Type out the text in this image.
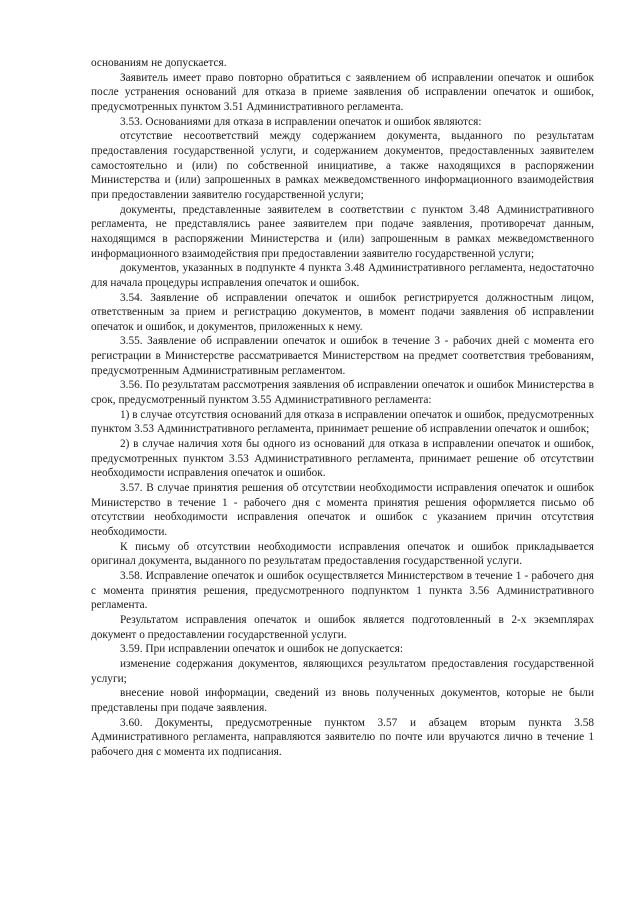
основаниям не допускается.

Заявитель имеет право повторно обратиться с заявлением об исправлении опечаток и ошибок после устранения оснований для отказа в приеме заявления об исправлении опечаток и ошибок, предусмотренных пунктом 3.51 Административного регламента.

3.53. Основаниями для отказа в исправлении опечаток и ошибок являются:

отсутствие несоответствий между содержанием документа, выданного по результатам предоставления государственной услуги, и содержанием документов, предоставленных заявителем самостоятельно и (или) по собственной инициативе, а также находящихся в распоряжении Министерства и (или) запрошенных в рамках межведомственного информационного взаимодействия при предоставлении заявителю государственной услуги;

документы, представленные заявителем в соответствии с пунктом 3.48 Административного регламента, не представлялись ранее заявителем при подаче заявления, противоречат данным, находящимся в распоряжении Министерства и (или) запрошенным в рамках межведомственного информационного взаимодействия при предоставлении заявителю государственной услуги;

документов, указанных в подпункте 4 пункта 3.48 Административного регламента, недостаточно для начала процедуры исправления опечаток и ошибок.

3.54. Заявление об исправлении опечаток и ошибок регистрируется должностным лицом, ответственным за прием и регистрацию документов, в момент подачи заявления об исправлении опечаток и ошибок, и документов, приложенных к нему.

3.55. Заявление об исправлении опечаток и ошибок в течение 3 - рабочих дней с момента его регистрации в Министерстве рассматривается Министерством на предмет соответствия требованиям, предусмотренным Административным регламентом.

3.56. По результатам рассмотрения заявления об исправлении опечаток и ошибок Министерства в срок, предусмотренный пунктом 3.55 Административного регламента:

1) в случае отсутствия оснований для отказа в исправлении опечаток и ошибок, предусмотренных пунктом 3.53 Административного регламента, принимает решение об исправлении опечаток и ошибок;

2) в случае наличия хотя бы одного из оснований для отказа в исправлении опечаток и ошибок, предусмотренных пунктом 3.53 Административного регламента, принимает решение об отсутствии необходимости исправления опечаток и ошибок.

3.57. В случае принятия решения об отсутствии необходимости исправления опечаток и ошибок Министерство в течение 1 - рабочего дня с момента принятия решения оформляется письмо об отсутствии необходимости исправления опечаток и ошибок с указанием причин отсутствия необходимости.

К письму об отсутствии необходимости исправления опечаток и ошибок прикладывается оригинал документа, выданного по результатам предоставления государственной услуги.

3.58. Исправление опечаток и ошибок осуществляется Министерством в течение 1 - рабочего дня с момента принятия решения, предусмотренного подпунктом 1 пункта 3.56 Административного регламента.

Результатом исправления опечаток и ошибок является подготовленный в 2-х экземплярах документ о предоставлении государственной услуги.

3.59. При исправлении опечаток и ошибок не допускается:

изменение содержания документов, являющихся результатом предоставления государственной услуги;

внесение новой информации, сведений из вновь полученных документов, которые не были представлены при подаче заявления.

3.60. Документы, предусмотренные пунктом 3.57 и абзацем вторым пункта 3.58 Административного регламента, направляются заявителю по почте или вручаются лично в течение 1 рабочего дня с момента их подписания.
